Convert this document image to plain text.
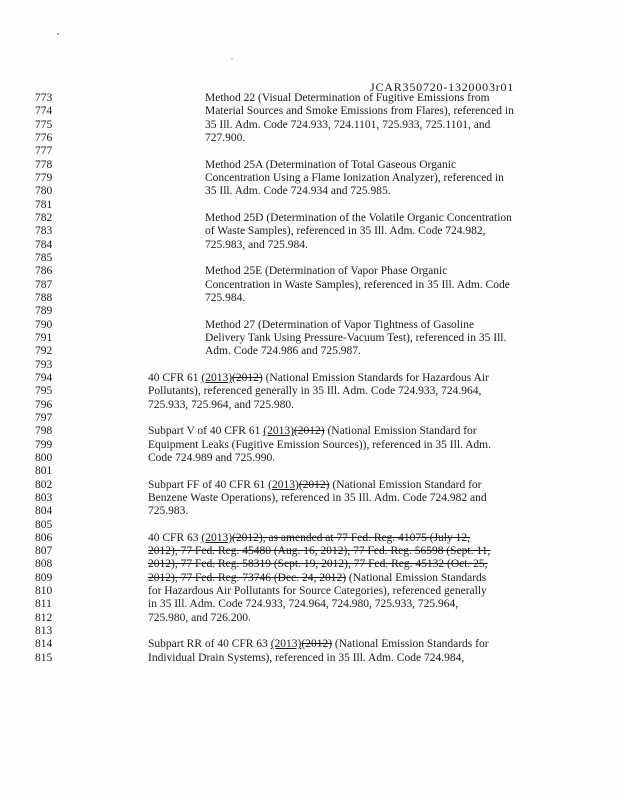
JCAR350720-1320003r01
773	Method 22 (Visual Determination of Fugitive Emissions from
774	Material Sources and Smoke Emissions from Flares), referenced in
775	35 Ill. Adm. Code 724.933, 724.1101, 725.933, 725.1101, and
776	727.900.
777
778	Method 25A (Determination of Total Gaseous Organic
779	Concentration Using a Flame Ionization Analyzer), referenced in
780	35 Ill. Adm. Code 724.934 and 725.985.
781
782	Method 25D (Determination of the Volatile Organic Concentration
783	of Waste Samples), referenced in 35 Ill. Adm. Code 724.982,
784	725.983, and 725.984.
785
786	Method 25E (Determination of Vapor Phase Organic
787	Concentration in Waste Samples), referenced in 35 Ill. Adm. Code
788	725.984.
789
790	Method 27 (Determination of Vapor Tightness of Gasoline
791	Delivery Tank Using Pressure-Vacuum Test), referenced in 35 Ill.
792	Adm. Code 724.986 and 725.987.
793
794	40 CFR 61 (2013)(2012) (National Emission Standards for Hazardous Air
795	Pollutants), referenced generally in 35 Ill. Adm. Code 724.933, 724.964,
796	725.933, 725.964, and 725.980.
797
798	Subpart V of 40 CFR 61 (2013)(2012) (National Emission Standard for
799	Equipment Leaks (Fugitive Emission Sources)), referenced in 35 Ill. Adm.
800	Code 724.989 and 725.990.
801
802	Subpart FF of 40 CFR 61 (2013)(2012) (National Emission Standard for
803	Benzene Waste Operations), referenced in 35 Ill. Adm. Code 724.982 and
804	725.983.
805
806	40 CFR 63 (2013)(2012), as amended at 77 Fed. Reg. 41075 (July 12,
807	2012), 77 Fed. Reg. 45480 (Aug. 16, 2012), 77 Fed. Reg. 56598 (Sept. 11,
808	2012), 77 Fed. Reg. 58319 (Sept. 19, 2012), 77 Fed. Reg. 45132 (Oct. 25,
809	2012), 77 Fed. Reg. 73746 (Dec. 24, 2012) (National Emission Standards
810	for Hazardous Air Pollutants for Source Categories), referenced generally
811	in 35 Ill. Adm. Code 724.933, 724.964, 724.980, 725.933, 725.964,
812	725.980, and 726.200.
813
814	Subpart RR of 40 CFR 63 (2013)(2012) (National Emission Standards for
815	Individual Drain Systems), referenced in 35 Ill. Adm. Code 724.984,
